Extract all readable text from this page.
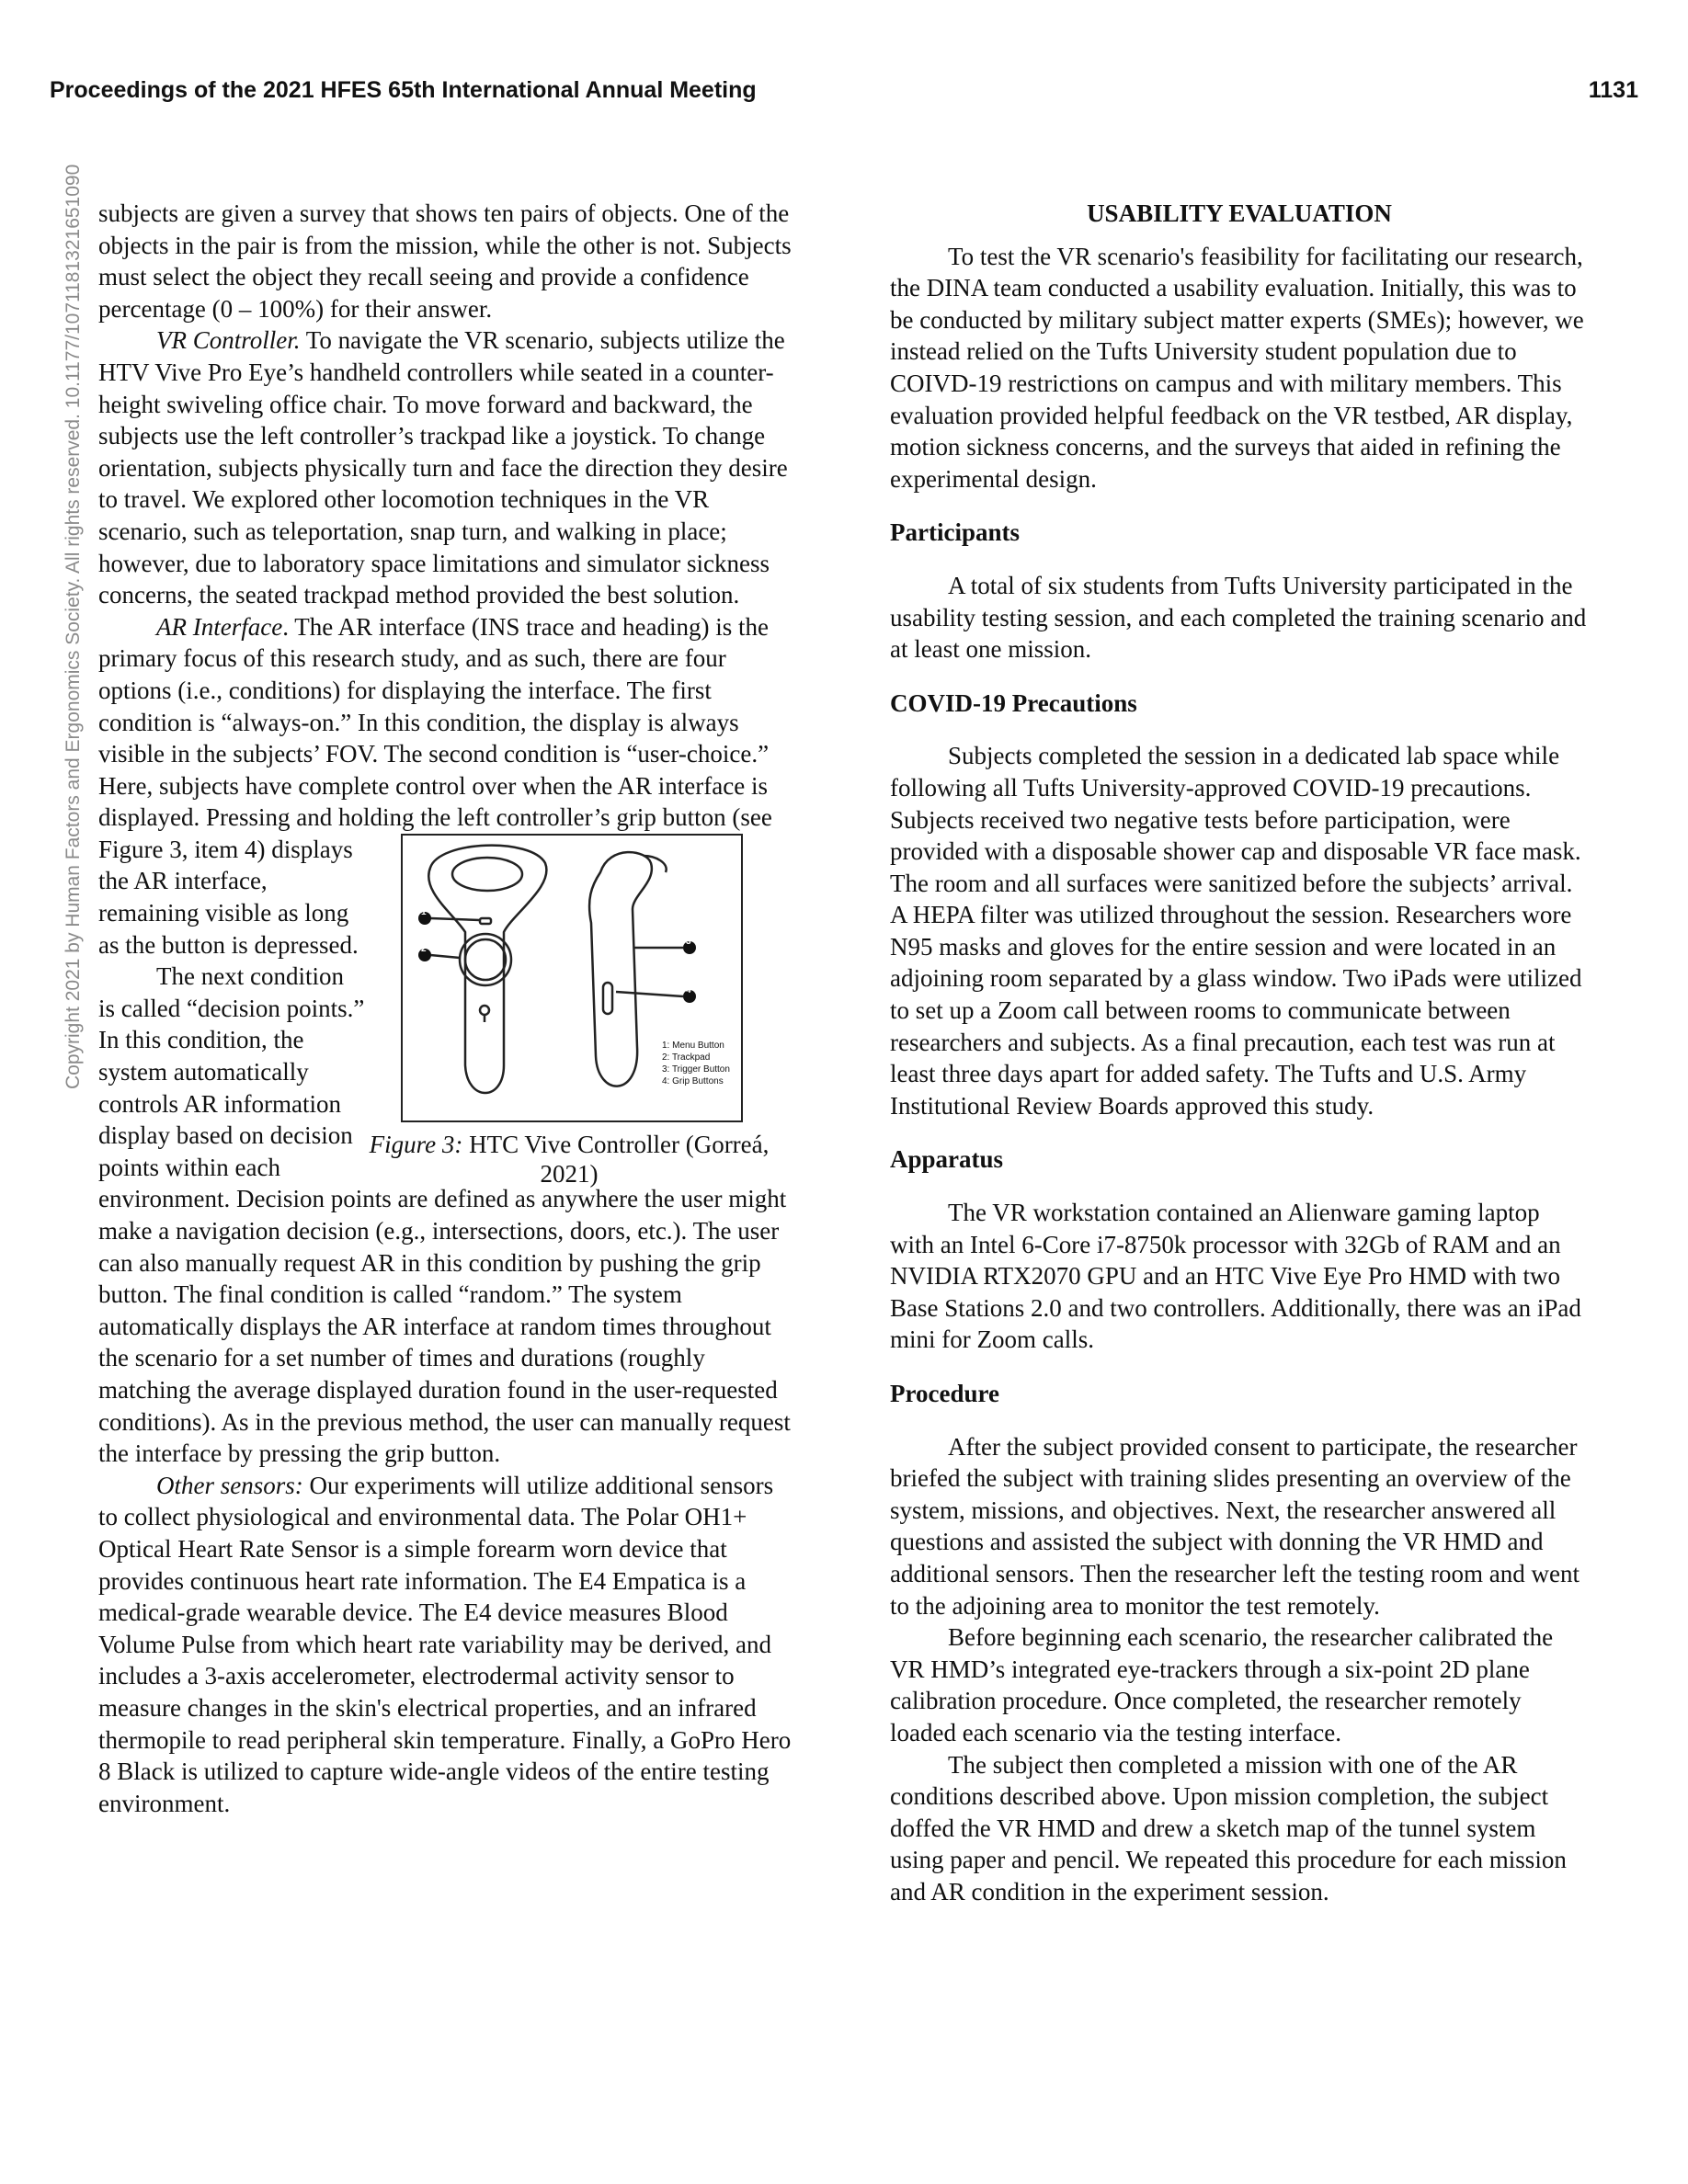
Proceedings of the 2021 HFES 65th International Annual Meeting	1131
Copyright 2021 by Human Factors and Ergonomics Society. All rights reserved. 10.1177/1071181321651090 subjects are given a survey that shows ten pairs of objects. One of the objects in the pair is from the mission, while the other is not. Subjects must select the object they recall seeing and provide a confidence percentage (0 – 100%) for their answer.

VR Controller. To navigate the VR scenario, subjects utilize the HTV Vive Pro Eye’s handheld controllers while seated in a counter-height swiveling office chair. To move forward and backward, the subjects use the left controller’s trackpad like a joystick. To change orientation, subjects physically turn and face the direction they desire to travel. We explored other locomotion techniques in the VR scenario, such as teleportation, snap turn, and walking in place; however, due to laboratory space limitations and simulator sickness concerns, the seated trackpad method provided the best solution.

AR Interface. The AR interface (INS trace and heading) is the primary focus of this research study, and as such, there are four options (i.e., conditions) for displaying the interface. The first condition is “always-on.” In this condition, the display is always visible in the subjects’ FOV. The second condition is “user-choice.” Here, subjects have complete control over when the AR interface is displayed. Pressing and holding the left controller’s grip button (see Figure 3, item 4) displays the AR interface, remaining visible as long as the button is depressed.

The next condition is called “decision points.” In this condition, the system automatically controls AR information display based on decision points within each environment. Decision points are defined as anywhere the user might make a navigation decision (e.g., intersections, doors, etc.). The user can also manually request AR in this condition by pushing the grip button. The final condition is called “random.” The system automatically displays the AR interface at random times throughout the scenario for a set number of times and durations (roughly matching the average displayed duration found in the user-requested conditions). As in the previous method, the user can manually request the interface by pressing the grip button.

Other sensors: Our experiments will utilize additional sensors to collect physiological and environmental data. The Polar OH1+ Optical Heart Rate Sensor is a simple forearm worn device that provides continuous heart rate information. The E4 Empatica is a medical-grade wearable device. The E4 device measures Blood Volume Pulse from which heart rate variability may be derived, and includes a 3-axis accelerometer, electrodermal activity sensor to measure changes in the skin's electrical properties, and an infrared thermopile to read peripheral skin temperature. Finally, a GoPro Hero 8 Black is utilized to capture wide-angle videos of the entire testing environment.

USABILITY EVALUATION

To test the VR scenario's feasibility for facilitating our research, the DINA team conducted a usability evaluation. Initially, this was to be conducted by military subject matter experts (SMEs); however, we instead relied on the Tufts University student population due to COIVD-19 restrictions on campus and with military members. This evaluation provided helpful feedback on the VR testbed, AR display, motion sickness concerns, and the surveys that aided in refining the experimental design.

Participants

A total of six students from Tufts University participated in the usability testing session, and each completed the training scenario and at least one mission.

COVID-19 Precautions

Subjects completed the session in a dedicated lab space while following all Tufts University-approved COVID-19 precautions. Subjects received two negative tests before participation, were provided with a disposable shower cap and disposable VR face mask. The room and all surfaces were sanitized before the subjects’ arrival. A HEPA filter was utilized throughout the session. Researchers wore N95 masks and gloves for the entire session and were located in an adjoining room separated by a glass window. Two iPads were utilized to set up a Zoom call between rooms to communicate between researchers and subjects. As a final precaution, each test was run at least three days apart for added safety. The Tufts and U.S. Army Institutional Review Boards approved this study.

Apparatus

The VR workstation contained an Alienware gaming laptop with an Intel 6-Core i7-8750k processor with 32Gb of RAM and an NVIDIA RTX2070 GPU and an HTC Vive Eye Pro HMD with two Base Stations 2.0 and two controllers. Additionally, there was an iPad mini for Zoom calls.

Procedure

After the subject provided consent to participate, the researcher briefed the subject with training slides presenting an overview of the system, missions, and objectives. Next, the researcher answered all questions and assisted the subject with donning the VR HMD and additional sensors. Then the researcher left the testing room and went to the adjoining area to monitor the test remotely.

Before beginning each scenario, the researcher calibrated the VR HMD’s integrated eye-trackers through a six-point 2D plane calibration procedure. Once completed, the researcher remotely loaded each scenario via the testing interface.

The subject then completed a mission with one of the AR conditions described above. Upon mission completion, the subject doffed the VR HMD and drew a sketch map of the tunnel system using paper and pencil. We repeated this procedure for each mission and AR condition in the experiment session.

1
2
3
4
1: Menu Button
2: Trackpad
3: Trigger Button
4: Grip Buttons
Figure 3: HTC Vive Controller (Gorreá, 2021)
